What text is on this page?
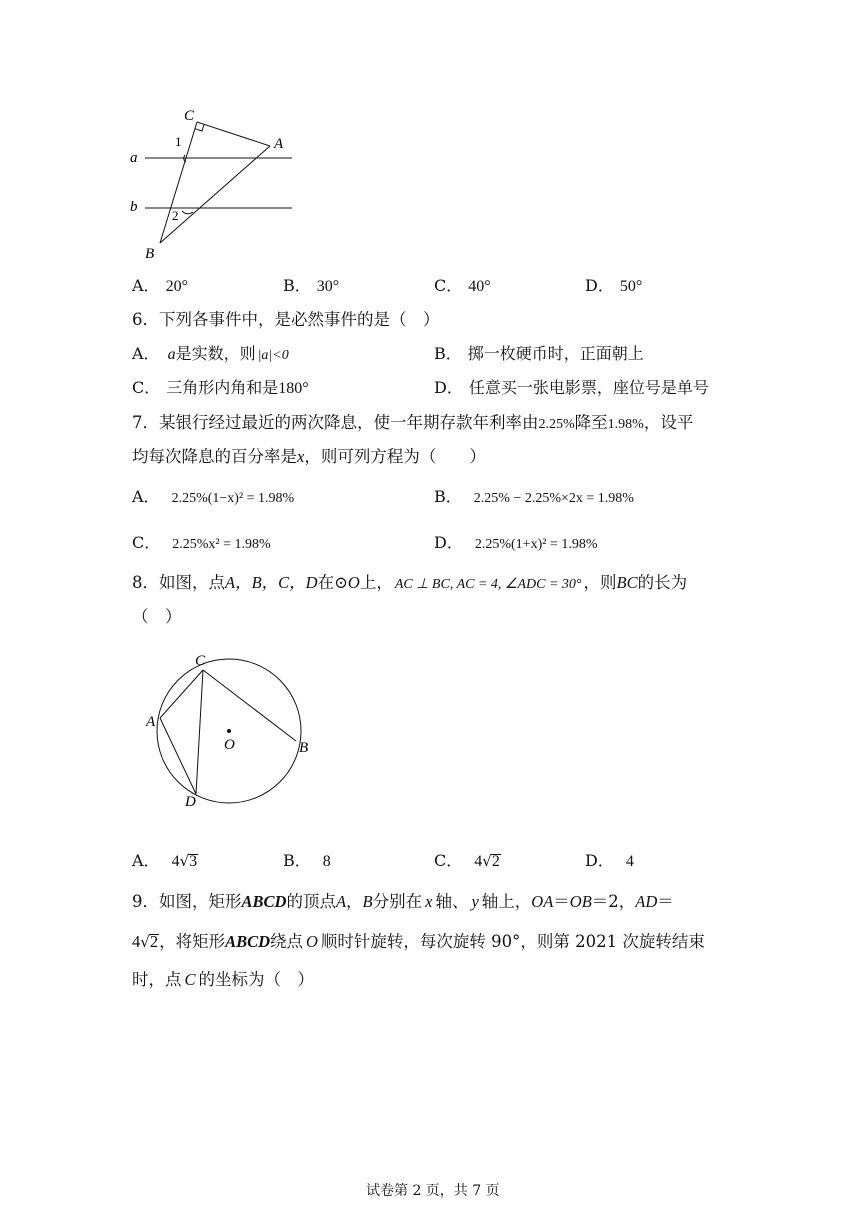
C
A
a
b
B
1
2
A． 20°	B． 30°	C． 40°	D． 50°
6．下列各事件中，是必然事件的是（　）
A． a是实数，则 |a|<0	B． 掷一枚硬币时，正面朝上
C． 三角形内角和是180°	D． 任意买一张电影票，座位号是单号
7．某银行经过最近的两次降息，使一年期存款年利率由2.25%降至1.98%，设平
均每次降息的百分率是x，则可列方程为（　　）
A． 2.25%(1−x)² = 1.98%	B． 2.25% − 2.25%×2x = 1.98%
C． 2.25%x² = 1.98%	D． 2.25%(1+x)² = 1.98%
8．如图，点A，B，C，D在⊙O上， AC ⊥ BC, AC = 4, ∠ADC = 30° ，则BC的长为
（　）
C
A
O	B
D
A． 4√3	B． 8	C． 4√2	D． 4
9．如图，矩形ABCD的顶点A，B分别在 x 轴、 y 轴上，OA＝OB＝2，AD＝
4√2，将矩形ABCD绕点 O 顺时针旋转，每次旋转 90°，则第 2021 次旋转结束
时，点 C 的坐标为（　）
试卷第 2 页，共 7 页
